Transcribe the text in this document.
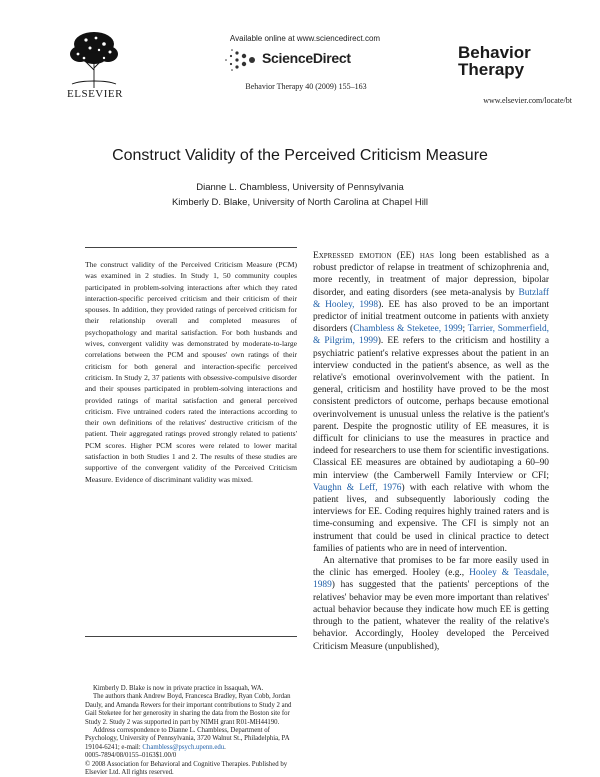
ELSEVIER
Available online at www.sciencedirect.com
ScienceDirect
Behavior Therapy 40 (2009) 155–163
Behavior
Therapy
www.elsevier.com/locate/bt
Construct Validity of the Perceived Criticism Measure
Dianne L. Chambless, University of Pennsylvania
Kimberly D. Blake, University of North Carolina at Chapel Hill
The construct validity of the Perceived Criticism Measure (PCM) was examined in 2 studies. In Study 1, 50 community couples participated in problem-solving interactions after which they rated interaction-specific perceived criticism and their criticism of their spouses. In addition, they provided ratings of perceived criticism for their relationship overall and completed measures of psychopathology and marital satisfaction. For both husbands and wives, convergent validity was demonstrated by moderate-to-large correlations between the PCM and spouses' own ratings of their criticism for both general and interaction-specific perceived criticism. In Study 2, 37 patients with obsessive-compulsive disorder and their spouses participated in problem-solving interactions and provided ratings of marital satisfaction and general perceived criticism. Five untrained coders rated the interactions according to their own definitions of the relatives' destructive criticism of the patient. Their aggregated ratings proved strongly related to patients' PCM scores. Higher PCM scores were related to lower marital satisfaction in both Studies 1 and 2. The results of these studies are supportive of the convergent validity of the Perceived Criticism Measure. Evidence of discriminant validity was mixed.

Kimberly D. Blake is now in private practice in Issaquah, WA.

The authors thank Andrew Boyd, Francesca Bradley, Ryan Cobb, Jordan Dauly, and Amanda Rewers for their important contributions to Study 2 and Gail Steketee for her generosity in sharing the data from the Boston site for Study 2. Study 2 was supported in part by NIMH grant R01-MH44190.

Address correspondence to Dianne L. Chambless, Department of Psychology, University of Pennsylvania, 3720 Walnut St., Philadelphia, PA 19104-6241; e-mail: Chambless@psych.upenn.edu.

0005-7894/08/0155–0163$1.00/0

© 2008 Association for Behavioral and Cognitive Therapies. Published by Elsevier Ltd. All rights reserved.

Expressed emotion (EE) has long been established as a robust predictor of relapse in treatment of schizophrenia and, more recently, in treatment of major depression, bipolar disorder, and eating disorders (see meta-analysis by Butzlaff & Hooley, 1998). EE has also proved to be an important predictor of initial treatment outcome in patients with anxiety disorders (Chambless & Steketee, 1999; Tarrier, Sommerfield, & Pilgrim, 1999). EE refers to the criticism and hostility a psychiatric patient's relative expresses about the patient in an interview conducted in the patient's absence, as well as the relative's emotional overinvolvement with the patient. In general, criticism and hostility have proved to be the most consistent predictors of outcome, perhaps because emotional overinvolvement is unusual unless the relative is the patient's parent. Despite the prognostic utility of EE measures, it is difficult for clinicians to use the measures in practice and indeed for researchers to use them for scientific investigations. Classical EE measures are obtained by audiotaping a 60–90 min interview (the Camberwell Family Interview or CFI; Vaughn & Leff, 1976) with each relative with whom the patient lives, and subsequently laboriously coding the interviews for EE. Coding requires highly trained raters and is time-consuming and expensive. The CFI is simply not an instrument that could be used in clinical practice to detect families of patients who are in need of intervention.

An alternative that promises to be far more easily used in the clinic has emerged. Hooley (e.g., Hooley & Teasdale, 1989) has suggested that the patients' perceptions of the relatives' behavior may be even more important than relatives' actual behavior because they indicate how much EE is getting through to the patient, whatever the reality of the relative's behavior. Accordingly, Hooley developed the Perceived Criticism Measure (unpublished),
